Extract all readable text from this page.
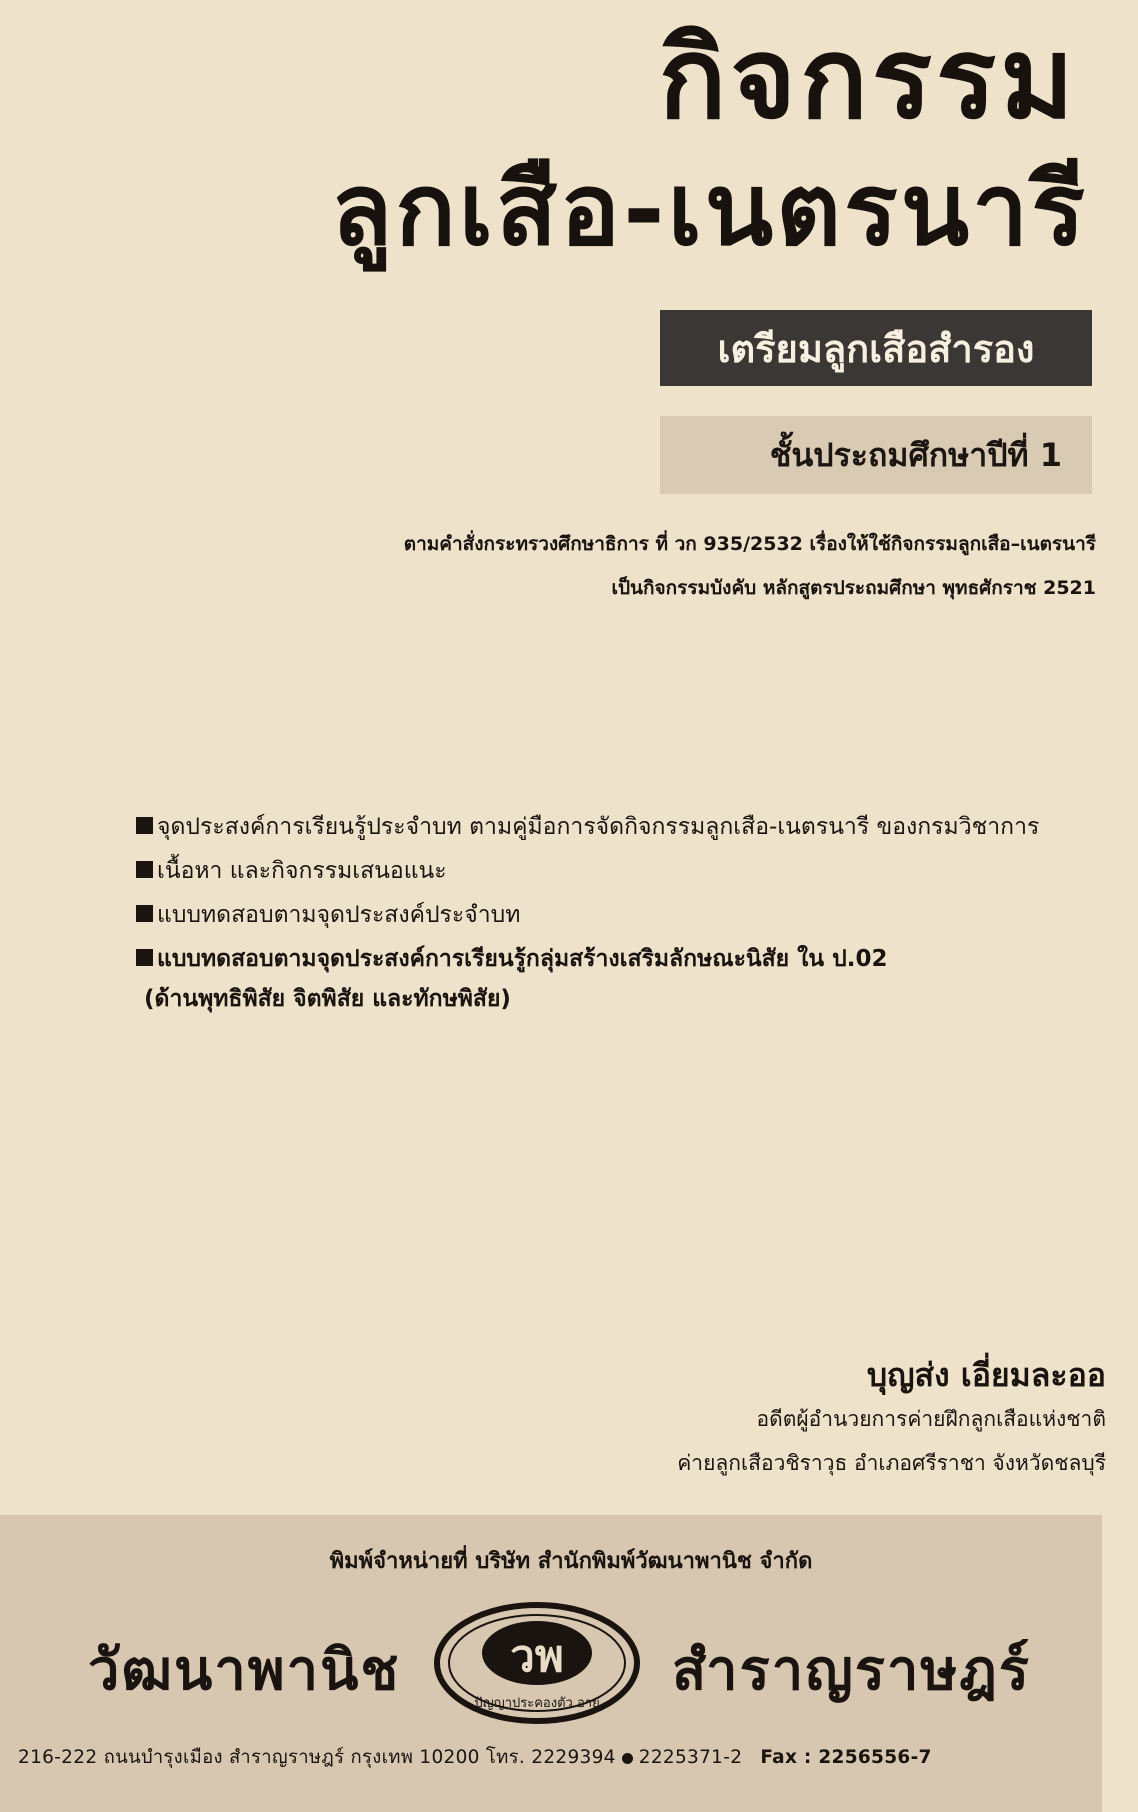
กิจกรรม
ลูกเสือ-เนตรนารี
เตรียมลูกเสือสำรอง
ชั้นประถมศึกษาปีที่ 1
ตามคำสั่งกระทรวงศึกษาธิการ ที่ วก 935/2532 เรื่องให้ใช้กิจกรรมลูกเสือ–เนตรนารี
เป็นกิจกรรมบังคับ หลักสูตรประถมศึกษา พุทธศักราช 2521
จุดประสงค์การเรียนรู้ประจำบท ตามคู่มือการจัดกิจกรรมลูกเสือ-เนตรนารี ของกรมวิชาการ
เนื้อหา และกิจกรรมเสนอแนะ
แบบทดสอบตามจุดประสงค์ประจำบท
แบบทดสอบตามจุดประสงค์การเรียนรู้กลุ่มสร้างเสริมลักษณะนิสัย ใน ป.02
(ด้านพุทธิพิสัย จิตพิสัย และทักษพิสัย)
บุญส่ง เอี่ยมละออ
อดีตผู้อำนวยการค่ายฝึกลูกเสือแห่งชาติ
ค่ายลูกเสือวชิราวุธ อำเภอศรีราชา จังหวัดชลบุรี
พิมพ์จำหน่ายที่ บริษัท สำนักพิมพ์วัฒนาพานิช จำกัด
วัฒนาพานิช วพ
ปัญญาประคองตัว อายุ
สำราญราษฎร์
216-222 ถนนบำรุงเมือง สำราญราษฎร์ กรุงเทพ 10200 โทร. 2229394 2225371-2 Fax : 2256556-7
